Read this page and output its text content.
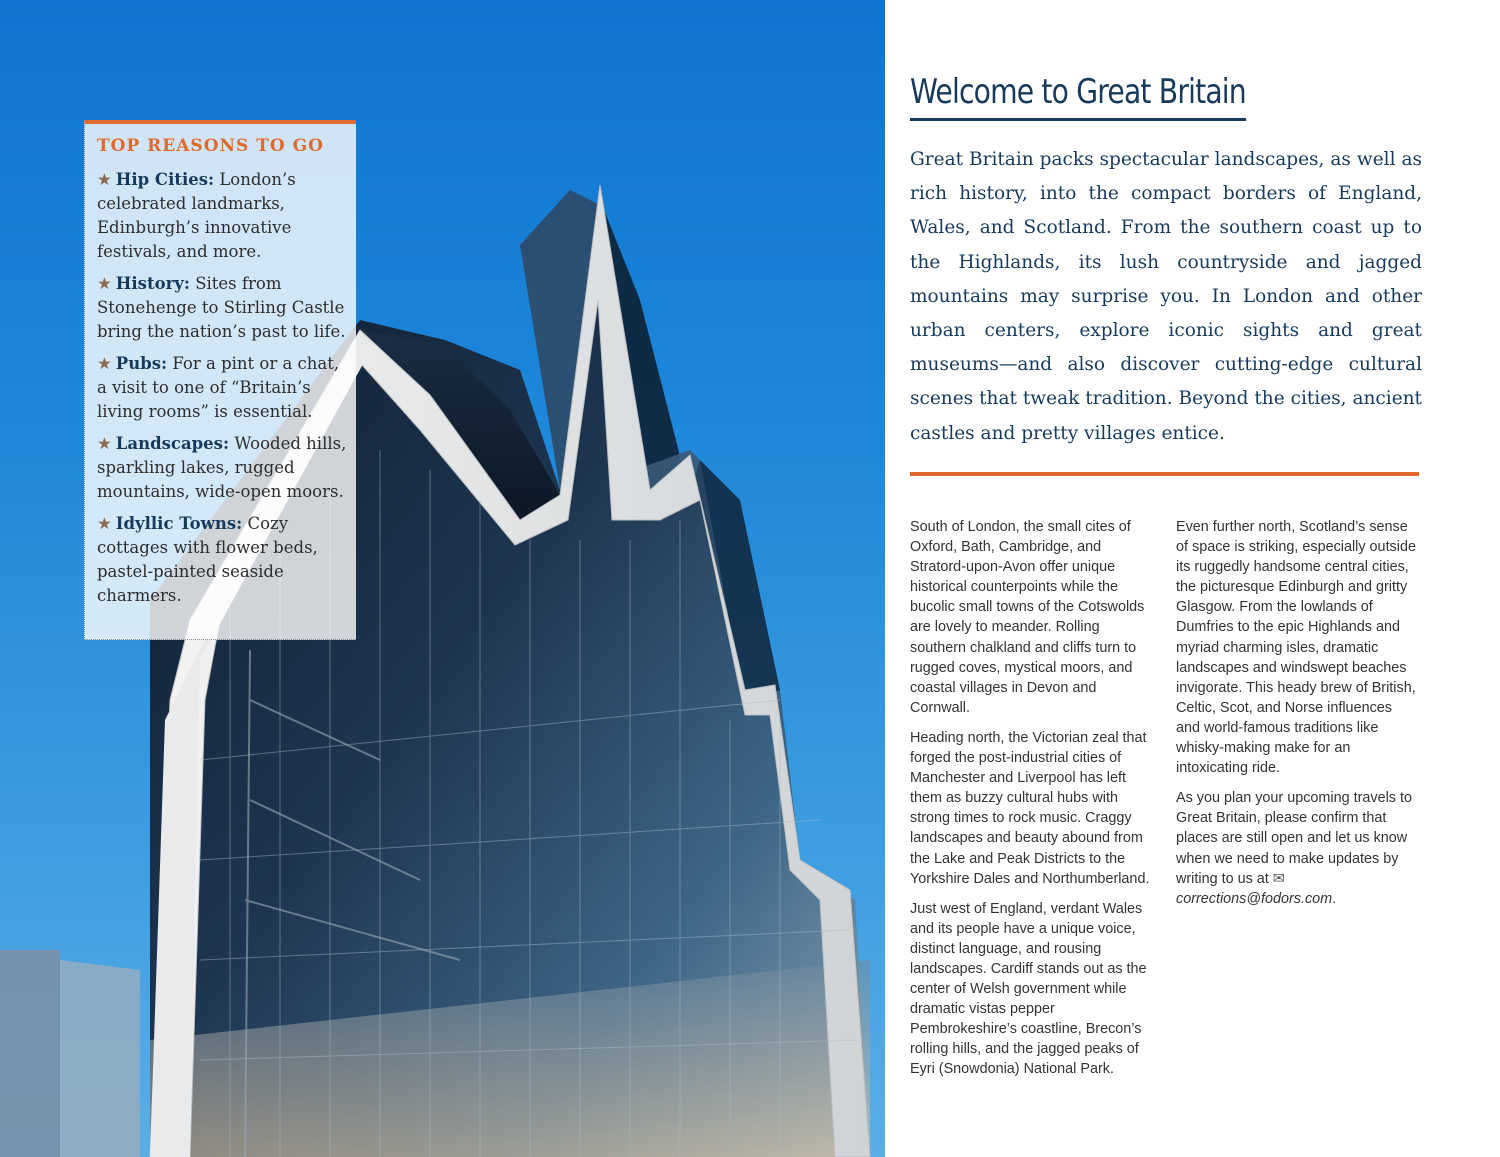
TOP REASONS TO GO
★ Hip Cities: London’s celebrated landmarks, Edinburgh’s innovative festivals, and more.
★ History: Sites from Stonehenge to Stirling Castle bring the nation’s past to life.
★ Pubs: For a pint or a chat, a visit to one of “Britain’s living rooms” is essential.
★ Landscapes: Wooded hills, sparkling lakes, rugged mountains, wide-open moors.
★ Idyllic Towns: Cozy cottages with flower beds, pastel-painted seaside charmers.
Welcome to Great Britain

Great Britain packs spectacular landscapes, as well as rich history, into the compact borders of England, Wales, and Scotland. From the southern coast up to the Highlands, its lush countryside and jagged mountains may surprise you. In London and other urban centers, explore iconic sights and great museums—and also discover cutting-edge cultural scenes that tweak tradition. Beyond the cities, ancient castles and pretty villages entice.

South of London, the small cites of Oxford, Bath, Cambridge, and Stratord-upon-Avon offer unique historical counterpoints while the bucolic small towns of the Cotswolds are lovely to meander. Rolling southern chalkland and cliffs turn to rugged coves, mystical moors, and coastal villages in Devon and Cornwall.

Heading north, the Victorian zeal that forged the post-industrial cities of Manchester and Liverpool has left them as buzzy cultural hubs with strong times to rock music. Craggy landscapes and beauty abound from the Lake and Peak Districts to the Yorkshire Dales and Northumberland.

Just west of England, verdant Wales and its people have a unique voice, distinct language, and rousing landscapes. Cardiff stands out as the center of Welsh government while dramatic vistas pepper Pembrokeshire’s coastline, Brecon’s rolling hills, and the jagged peaks of Eyri (Snowdonia) National Park.

Even further north, Scotland’s sense of space is striking, especially outside its ruggedly handsome central cities, the picturesque Edinburgh and gritty Glasgow. From the lowlands of Dumfries to the epic Highlands and myriad charming isles, dramatic landscapes and windswept beaches invigorate. This heady brew of British, Celtic, Scot, and Norse influences and world-famous traditions like whisky-making make for an intoxicating ride.

As you plan your upcoming travels to Great Britain, please confirm that places are still open and let us know when we need to make updates by writing to us at ✉ corrections@fodors.com.
